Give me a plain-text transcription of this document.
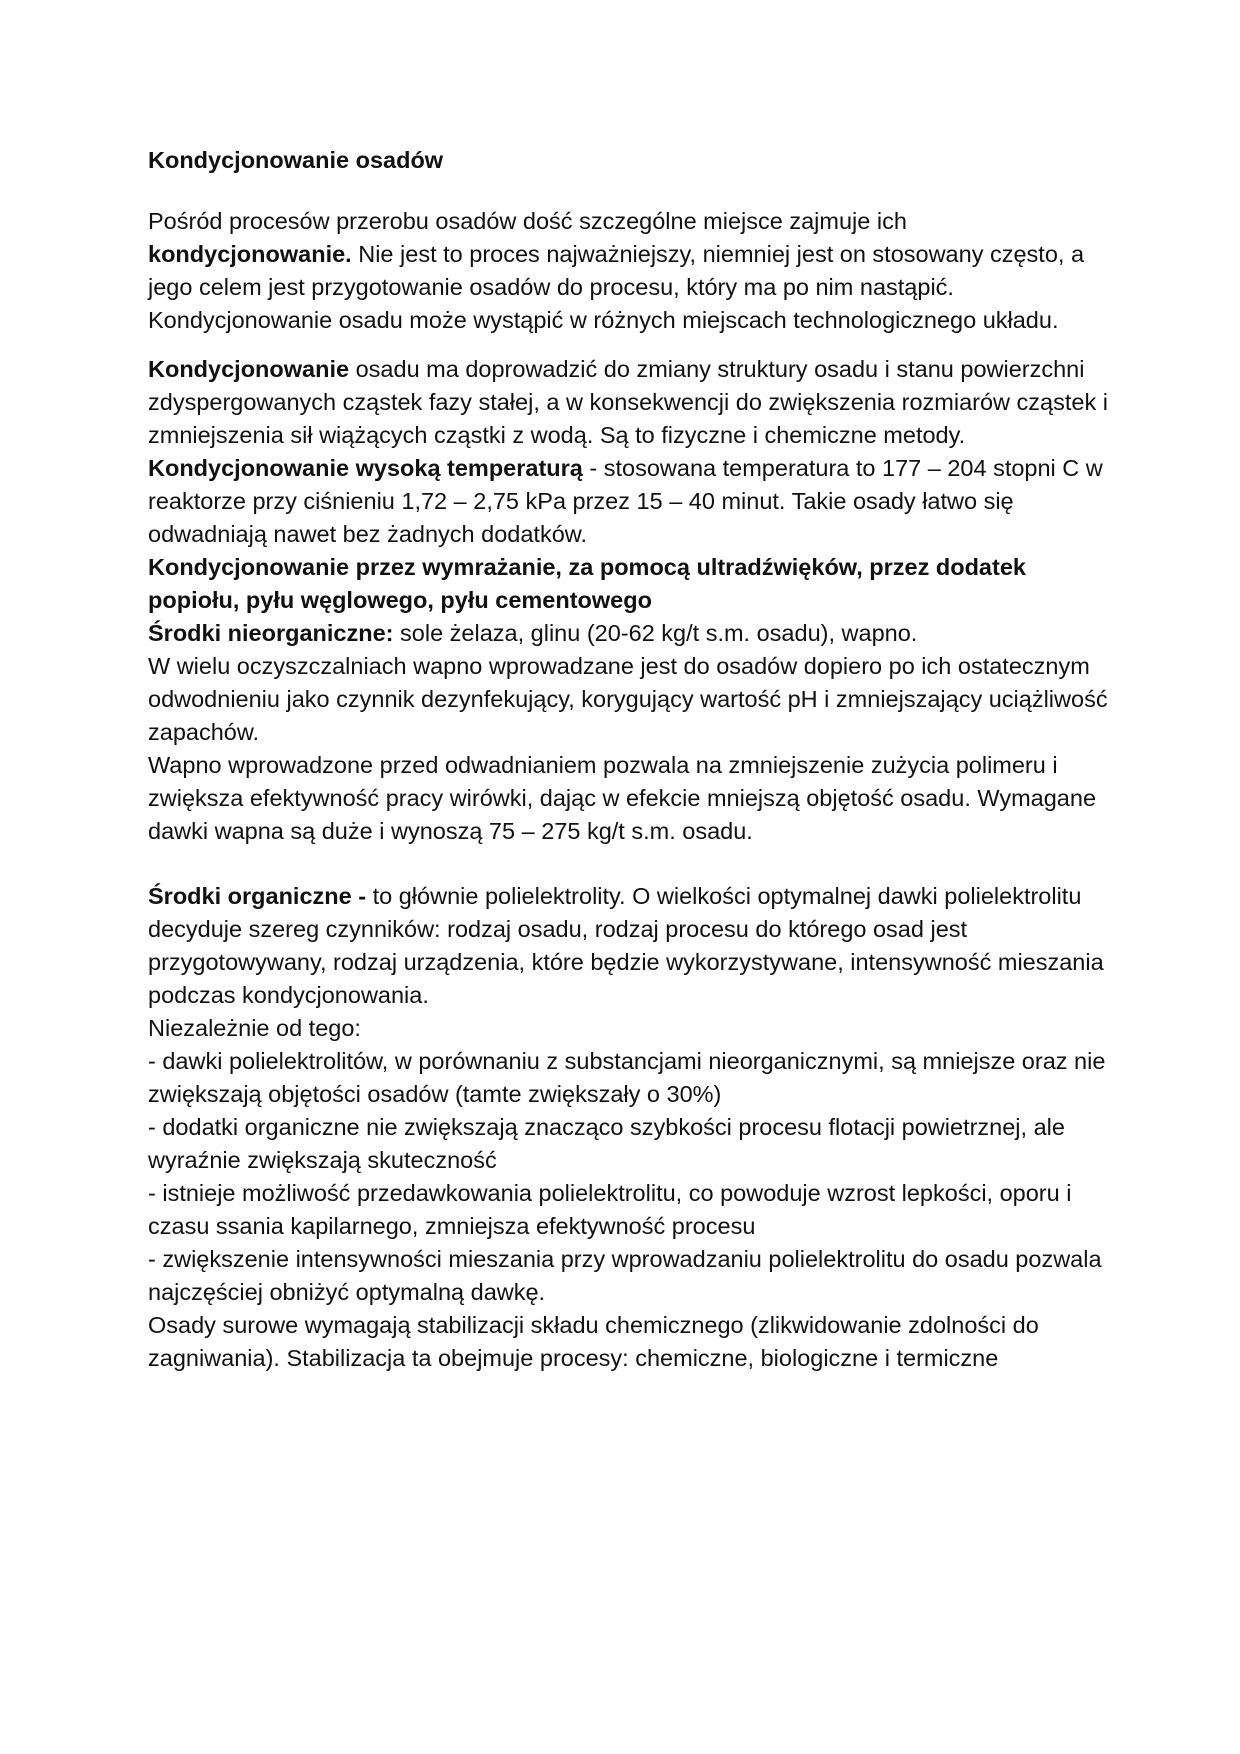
Kondycjonowanie osadów

Pośród procesów przerobu osadów dość szczególne miejsce zajmuje ich
kondycjonowanie. Nie jest to proces najważniejszy, niemniej jest on stosowany często, a jego celem jest przygotowanie osadów do procesu, który ma po nim nastąpić. Kondycjonowanie osadu może wystąpić w różnych miejscach technologicznego układu.

Kondycjonowanie osadu ma doprowadzić do zmiany struktury osadu i stanu powierzchni zdyspergowanych cząstek fazy stałej, a w konsekwencji do zwiększenia rozmiarów cząstek i zmniejszenia sił wiążących cząstki z wodą. Są to fizyczne i chemiczne metody.

Kondycjonowanie wysoką temperaturą - stosowana temperatura to 177 – 204 stopni C w reaktorze przy ciśnieniu 1,72 – 2,75 kPa przez 15 – 40 minut. Takie osady łatwo się odwadniają nawet bez żadnych dodatków.

Kondycjonowanie przez wymrażanie, za pomocą ultradźwięków, przez dodatek popiołu, pyłu węglowego, pyłu cementowego

Środki nieorganiczne: sole żelaza, glinu (20-62 kg/t s.m. osadu), wapno.

W wielu oczyszczalniach wapno wprowadzane jest do osadów dopiero po ich ostatecznym odwodnieniu jako czynnik dezynfekujący, korygujący wartość pH i zmniejszający uciążliwość zapachów.

Wapno wprowadzone przed odwadnianiem pozwala na zmniejszenie zużycia polimeru i zwiększa efektywność pracy wirówki, dając w efekcie mniejszą objętość osadu. Wymagane dawki wapna są duże i wynoszą 75 – 275 kg/t s.m. osadu.

Środki organiczne - to głównie polielektrolity. O wielkości optymalnej dawki polielektrolitu decyduje szereg czynników: rodzaj osadu, rodzaj procesu do którego osad jest przygotowywany, rodzaj urządzenia, które będzie wykorzystywane, intensywność mieszania podczas kondycjonowania.

Niezależnie od tego:

- dawki polielektrolitów, w porównaniu z substancjami nieorganicznymi, są mniejsze oraz nie zwiększają objętości osadów (tamte zwiększały o 30%)

- dodatki organiczne nie zwiększają znacząco szybkości procesu flotacji powietrznej, ale wyraźnie zwiększają skuteczność

- istnieje możliwość przedawkowania polielektrolitu, co powoduje wzrost lepkości, oporu i czasu ssania kapilarnego, zmniejsza efektywność procesu

- zwiększenie intensywności mieszania przy wprowadzaniu polielektrolitu do osadu pozwala najczęściej obniżyć optymalną dawkę.

Osady surowe wymagają stabilizacji składu chemicznego (zlikwidowanie zdolności do zagniwania). Stabilizacja ta obejmuje procesy: chemiczne, biologiczne i termiczne
